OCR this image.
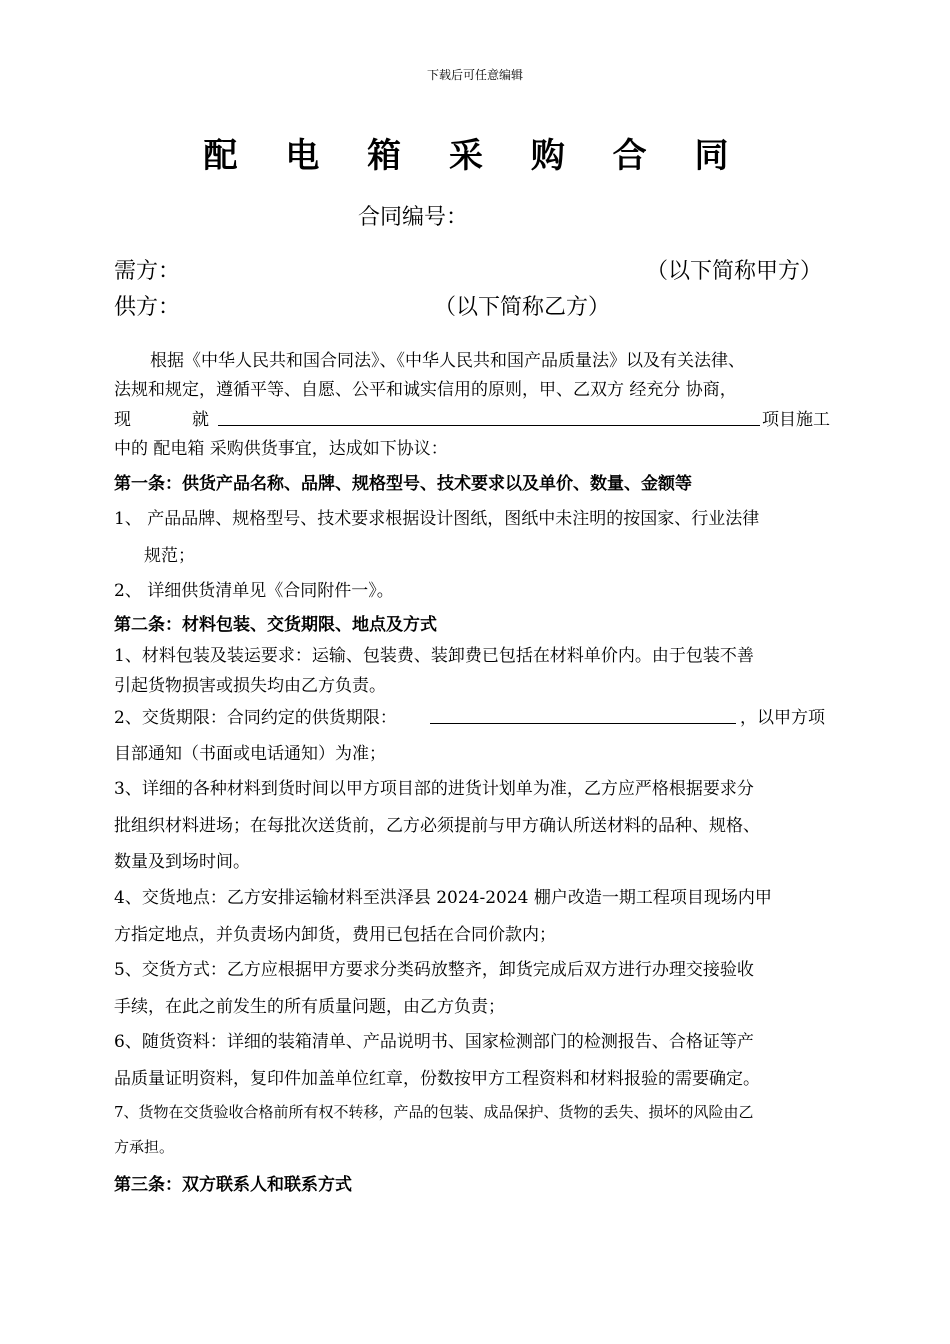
下载后可任意编辑
配 电 箱 采 购 合 同
合同编号：
需方：	（以下简称甲方）
供方：	（以下简称乙方）
根据《中华人民共和国合同法》、《中华人民共和国产品质量法》以及有关法律、
法规和规定，遵循平等、自愿、公平和诚实信用的原则，甲、乙双方 经充分 协商，
现	就	项目施工
中的 配电箱 采购供货事宜，达成如下协议：
第一条：供货产品名称、品牌、规格型号、技术要求以及单价、数量、金额等
1、 产品品牌、规格型号、技术要求根据设计图纸，图纸中未注明的按国家、行业法律
规范；
2、 详细供货清单见《合同附件一》。
第二条：材料包装、交货期限、地点及方式
1、材料包装及装运要求：运输、包装费、装卸费已包括在材料单价内。由于包装不善
引起货物损害或损失均由乙方负责。
2、交货期限：合同约定的供货期限：	，以甲方项
目部通知（书面或电话通知）为准；
3、详细的各种材料到货时间以甲方项目部的进货计划单为准，乙方应严格根据要求分
批组织材料进场；在每批次送货前，乙方必须提前与甲方确认所送材料的品种、规格、
数量及到场时间。
4、交货地点：乙方安排运输材料至洪泽县 2024-2024 棚户改造一期工程项目现场内甲
方指定地点，并负责场内卸货，费用已包括在合同价款内；
5、交货方式：乙方应根据甲方要求分类码放整齐，卸货完成后双方进行办理交接验收
手续，在此之前发生的所有质量问题，由乙方负责；
6、随货资料：详细的装箱清单、产品说明书、国家检测部门的检测报告、合格证等产
品质量证明资料，复印件加盖单位红章，份数按甲方工程资料和材料报验的需要确定。
7、货物在交货验收合格前所有权不转移，产品的包装、成品保护、货物的丢失、损坏的风险由乙
方承担。
第三条：双方联系人和联系方式
